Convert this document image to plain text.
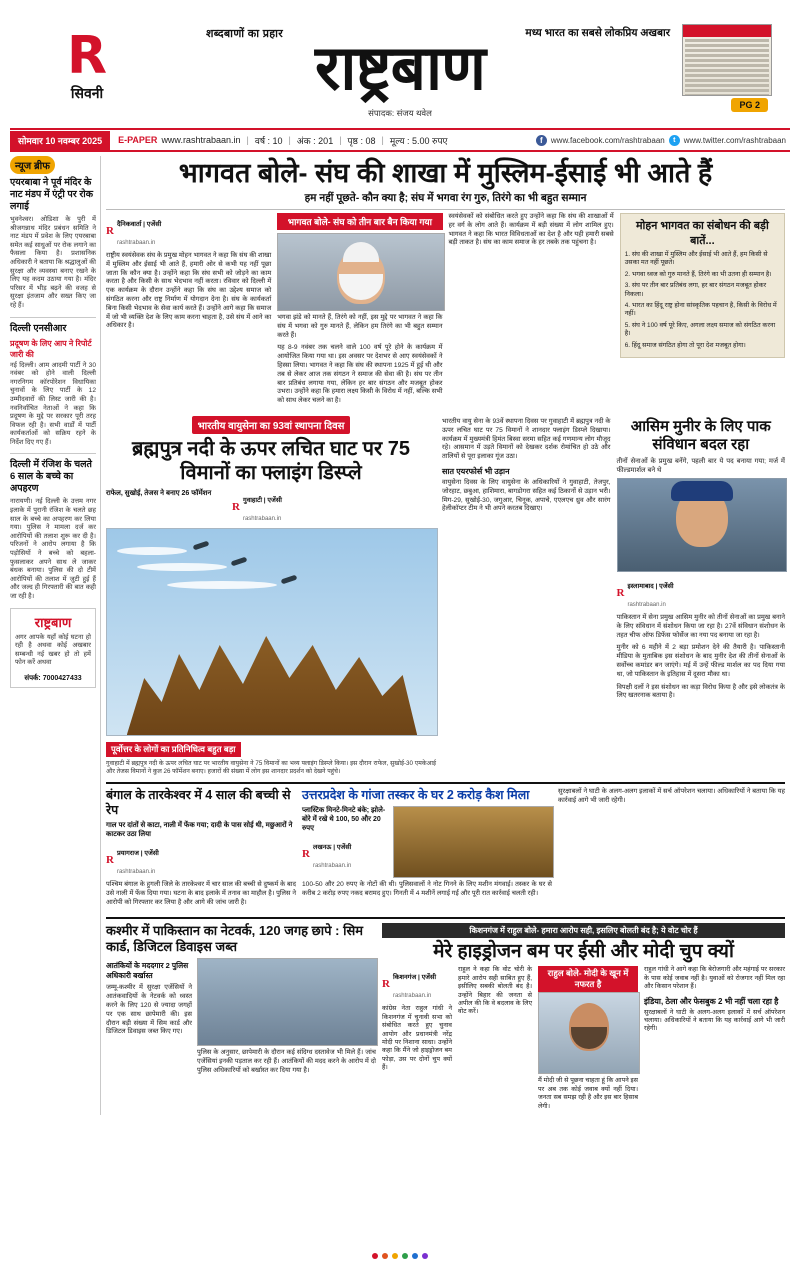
शब्दबाणों का प्रहार	मध्य भारत का सबसे लोकप्रिय अखबार
R
सिवनी	राष्ट्रबाण
संपादक: संजय थवेल
PG 2
सोमवार 10 नवम्बर 2025	E-PAPER www.rashtrabaan.in | वर्ष : 10 | अंक : 201 | पृष्ठ : 08 | मूल्य : 5.00 रुपए	f	www.facebook.com/rashtrabaan	t	www.twitter.com/rashtrabaan
न्यूज ब्रीफ
एयरबाबा ने पूर्व मंदिर के नाट मंडप में एंट्री पर रोक लगाई
भुवनेश्वर। ओडिशा के पुरी में श्रीजगन्नाथ मंदिर प्रबंधन समिति ने नाट मंडप में प्रवेश के लिए एयरबाबा समेत कई साधुओं पर रोक लगाने का फैसला किया है। प्रशासनिक अधिकारी ने बताया कि श्रद्धालुओं की सुरक्षा और व्यवस्था बनाए रखने के लिए यह कदम उठाया गया है। मंदिर परिसर में भीड़ बढ़ने की वजह से सुरक्षा इंतजाम और सख्त किए जा रहे हैं।
दिल्ली एनसीआर
प्रदूषण के लिए आप ने रिपोर्ट जारी की
नई दिल्ली। आम आदमी पार्टी ने 30 नवंबर को होने वाली दिल्ली नगरनिगम कॉरपोरेशन विधायिका चुनावों के लिए पार्टी के 12 उम्मीदवारों की लिस्ट जारी की है। नवनिर्वाचित नेताओं ने कहा कि प्रदूषण के मुद्दे पर सरकार पूरी तरह विफल रही है। सभी वार्डों में पार्टी कार्यकर्ताओं को सक्रिय रहने के निर्देश दिए गए हैं।
दिल्ली में रंजिश के चलते 6 साल के बच्चे का अपहरण
नारायणी। नई दिल्ली के उत्तम नगर इलाके में पुरानी रंजिश के चलते छह साल के बच्चे का अपहरण कर लिया गया। पुलिस ने मामला दर्ज कर आरोपियों की तलाश शुरू कर दी है। परिजनों ने आरोप लगाया है कि पड़ोसियों ने बच्चे को बहला-फुसलाकर अपने साथ ले जाकर बंधक बनाया। पुलिस की दो टीमें आरोपियों की तलाश में जुटी हुई हैं और जल्द ही गिरफ्तारी की बात कही जा रही है।
राष्ट्रबाण
अगर आपके यहाँ कोई घटना हो रही है अथवा कोई अखबार सम्बन्धी नई खबर हो तो हमें फोन करें अथवा
संपर्क: 7000427433
भागवत बोले- संघ की शाखा में मुस्लिम-ईसाई भी आते हैं
हम नहीं पूछते- कौन क्या है; संघ में भगवा रंग गुरु, तिरंगे का भी बहुत सम्मान
R
दैनिकवार्ता | एजेंसी
rashtrabaan.in

राष्ट्रीय स्वयंसेवक संघ के प्रमुख मोहन भागवत ने कहा कि संघ की शाखा में मुस्लिम और ईसाई भी आते हैं, हमारी ओर से कभी यह नहीं पूछा जाता कि कौन क्या है। उन्होंने कहा कि संघ सभी को जोड़ने का काम करता है और किसी के साथ भेदभाव नहीं करता। रविवार को दिल्ली में एक कार्यक्रम के दौरान उन्होंने कहा कि संघ का उद्देश्य समाज को संगठित करना और राष्ट्र निर्माण में योगदान देना है। संघ के कार्यकर्ता बिना किसी भेदभाव के सेवा कार्य करते हैं। उन्होंने आगे कहा कि समाज में जो भी व्यक्ति देश के लिए काम करना चाहता है, उसे संघ में आने का अधिकार है।

भागवत बोले- संघ को तीन बार बैन किया गया

भगवा झंडे को मानते हैं, तिरंगे को नहीं, इस मुद्दे पर भागवत ने कहा कि संघ में भगवा को गुरु मानते हैं, लेकिन हम तिरंगे का भी बहुत सम्मान करते हैं।

यह 8-9 नवंबर तक चलने वाले 100 वर्ष पूरे होने के कार्यक्रम में आयोजित किया गया था। इस अवसर पर देशभर से आए स्वयंसेवकों ने हिस्सा लिया। भागवत ने कहा कि संघ की स्थापना 1925 में हुई थी और तब से लेकर आज तक संगठन ने समाज की सेवा की है। संघ पर तीन बार प्रतिबंध लगाया गया, लेकिन हर बार संगठन और मजबूत होकर उभरा। उन्होंने कहा कि हमारा लक्ष्य किसी के विरोध में नहीं, बल्कि सभी को साथ लेकर चलने का है।

स्वयंसेवकों को संबोधित करते हुए उन्होंने कहा कि संघ की शाखाओं में हर वर्ग के लोग आते हैं। कार्यक्रम में बड़ी संख्या में लोग शामिल हुए। भागवत ने कहा कि भारत विविधताओं का देश है और यही हमारी सबसे बड़ी ताकत है। संघ का काम समाज के हर तबके तक पहुंचना है।

मोहन भागवत का संबोधन की बड़ी बातें...
1. संघ की शाखा में मुस्लिम और ईसाई भी आते हैं, हम किसी से उसका मत नहीं पूछते।
2. भगवा ध्वज को गुरु मानते हैं, तिरंगे का भी उतना ही सम्मान है।
3. संघ पर तीन बार प्रतिबंध लगा, हर बार संगठन मजबूत होकर निकला।
4. भारत का हिंदू राष्ट्र होना सांस्कृतिक पहचान है, किसी के विरोध में नहीं।
5. संघ ने 100 वर्ष पूरे किए, अगला लक्ष्य समाज को संगठित करना है।
6. हिंदू समाज संगठित होगा तो पूरा देश मजबूत होगा।
भारतीय वायुसेना का 93वां स्थापना दिवस
ब्रह्मपुत्र नदी के ऊपर लचित घाट पर 75 विमानों का फ्लाइंग डिस्प्ले
राफेल, सुखोई, तेजस ने बनाए 26 फॉर्मेशन
R
गुवाहाटी | एजेंसी
rashtrabaan.in
पूर्वोत्तर के लोगों का प्रतिनिधित्व बहुत बड़ा
गुवाहाटी में ब्रह्मपुत्र नदी के ऊपर लचित घाट पर भारतीय वायुसेना ने 75 विमानों का भव्य फ्लाइंग डिस्प्ले किया। इस दौरान राफेल, सुखोई-30 एमकेआई और तेजस विमानों ने कुल 26 फॉर्मेशन बनाए। हजारों की संख्या में लोग इस शानदार प्रदर्शन को देखने पहुंचे।

भारतीय वायु सेना के 93वें स्थापना दिवस पर गुवाहाटी में ब्रह्मपुत्र नदी के ऊपर लचित घाट पर 75 विमानों ने शानदार फ्लाइंग डिस्प्ले दिखाया। कार्यक्रम में मुख्यमंत्री हिमंत बिस्वा सरमा सहित कई गणमान्य लोग मौजूद रहे। आसमान में उड़ते विमानों को देखकर दर्शक रोमांचित हो उठे और तालियों से पूरा इलाका गूंज उठा।

सात एयरफोर्स भी उड़ान

वायुसेना दिवस के लिए वायुसेना के अधिकारियों ने गुवाहाटी, तेजपुर, जोरहाट, छबुआ, हाशिमारा, बागडोगरा सहित कई ठिकानों से उड़ान भरी। मिग-29, सुखोई-30, जगुआर, चिनूक, अपाचे, एएलएच ध्रुव और सारंग हेलीकॉप्टर टीम ने भी अपने करतब दिखाए।

आसिम मुनीर के लिए पाक संविधान बदल रहा
तीनों सेनाओं के प्रमुख बनेंगे, पहली बार ये पद बनाया गया; मर्ज में फील्डमार्शल बने थे
R
इस्लामाबाद | एजेंसी
rashtrabaan.in

पाकिस्तान में सेना प्रमुख आसिम मुनीर को तीनों सेनाओं का प्रमुख बनाने के लिए संविधान में संशोधन किया जा रहा है। 27वें संविधान संशोधन के तहत चीफ ऑफ डिफेंस फोर्सेज का नया पद बनाया जा रहा है।

मुनीर को 6 महीने में 2 बड़ा प्रमोशन देने की तैयारी है। पाकिस्तानी मीडिया के मुताबिक इस संशोधन के बाद मुनीर देश की तीनों सेनाओं के सर्वोच्च कमांडर बन जाएंगे। मई में उन्हें फील्ड मार्शल का पद दिया गया था, जो पाकिस्तान के इतिहास में दूसरा मौका था।

विपक्षी दलों ने इस संशोधन का कड़ा विरोध किया है और इसे लोकतंत्र के लिए खतरनाक बताया है।

बंगाल के तारकेश्वर में 4 साल की बच्ची से रेप
गाल पर दांतों से काटा, नाली में फेंक गया; दादी के पास सोई थी, मछुआरों ने काटकर उठा लिया
R
प्रयागराज | एजेंसी
rashtrabaan.in

पश्चिम बंगाल के हुगली जिले के तारकेश्वर में चार साल की बच्ची से दुष्कर्म के बाद उसे नाली में फेंक दिया गया। घटना के बाद इलाके में तनाव का माहौल है। पुलिस ने आरोपी को गिरफ्तार कर लिया है और आगे की जांच जारी है।

उत्तरप्रदेश के गांजा तस्कर के घर 2 करोड़ कैश मिला
प्लास्टिक मिनटे-मिनटे बंके; झोले-बोरे में रखे थे 100, 50 और 20 रुपए
R
लखनऊ | एजेंसी
rashtrabaan.in

100-50 और 20 रुपए के नोटों की थी। पुलिसवालों ने नोट गिनने के लिए मशीन मंगवाई। तस्कर के घर से करीब 2 करोड़ रुपए नकद बरामद हुए। गिनती में 4 मशीनें लगाई गईं और पूरी रात कार्रवाई चलती रही।

सुरक्षाबलों ने घाटी के अलग-अलग इलाकों में सर्च ऑपरेशन चलाया। अधिकारियों ने बताया कि यह कार्रवाई आगे भी जारी रहेगी।

कश्मीर में पाकिस्तान का नेटवर्क, 120 जगह छापे : सिम कार्ड, डिजिटल डिवाइस जब्त
आतंकियों के मददगार 2 पुलिस अधिकारी बर्खास्त

जम्मू-कश्मीर में सुरक्षा एजेंसियों ने आतंकवादियों के नेटवर्क को ध्वस्त करने के लिए 120 से ज्यादा जगहों पर एक साथ छापेमारी की। इस दौरान बड़ी संख्या में सिम कार्ड और डिजिटल डिवाइस जब्त किए गए।

पुलिस के अनुसार, छापेमारी के दौरान कई संदिग्ध दस्तावेज भी मिले हैं। जांच एजेंसियां इनकी पड़ताल कर रही हैं। आतंकियों की मदद करने के आरोप में दो पुलिस अधिकारियों को बर्खास्त कर दिया गया है।

किशनगंज में राहुल बोले- हमारा आरोप सही, इसलिए बोलती बंद है; ये वोट चोर हैं
मेरे हाइड्रोजन बम पर ईसी और मोदी चुप क्यों
R
किशनगंज | एजेंसी
rashtrabaan.in

कांग्रेस नेता राहुल गांधी ने किशनगंज में चुनावी सभा को संबोधित करते हुए चुनाव आयोग और प्रधानमंत्री नरेंद्र मोदी पर निशाना साधा। उन्होंने कहा कि मैंने जो हाइड्रोजन बम फोड़ा, उस पर दोनों चुप क्यों हैं।

राहुल ने कहा कि वोट चोरी के हमारे आरोप सही साबित हुए हैं, इसीलिए सबकी बोलती बंद है। उन्होंने बिहार की जनता से अपील की कि वे बदलाव के लिए वोट करें।

राहुल बोले- मोदी के खून में नफरत है

मैं मोदी जी से पूछना चाहता हूं कि आपने इस पर अब तक कोई जवाब क्यों नहीं दिया। जनता सब समझ रही है और इस बार हिसाब लेगी।

राहुल गांधी ने आगे कहा कि बेरोजगारी और महंगाई पर सरकार के पास कोई जवाब नहीं है। युवाओं को रोजगार नहीं मिल रहा और किसान परेशान हैं।

इंडिया, ठेला और फेसबुक 2 भी नहीं चला रहा है

सुरक्षाबलों ने घाटी के अलग-अलग इलाकों में सर्च ऑपरेशन चलाया। अधिकारियों ने बताया कि यह कार्रवाई आगे भी जारी रहेगी।
